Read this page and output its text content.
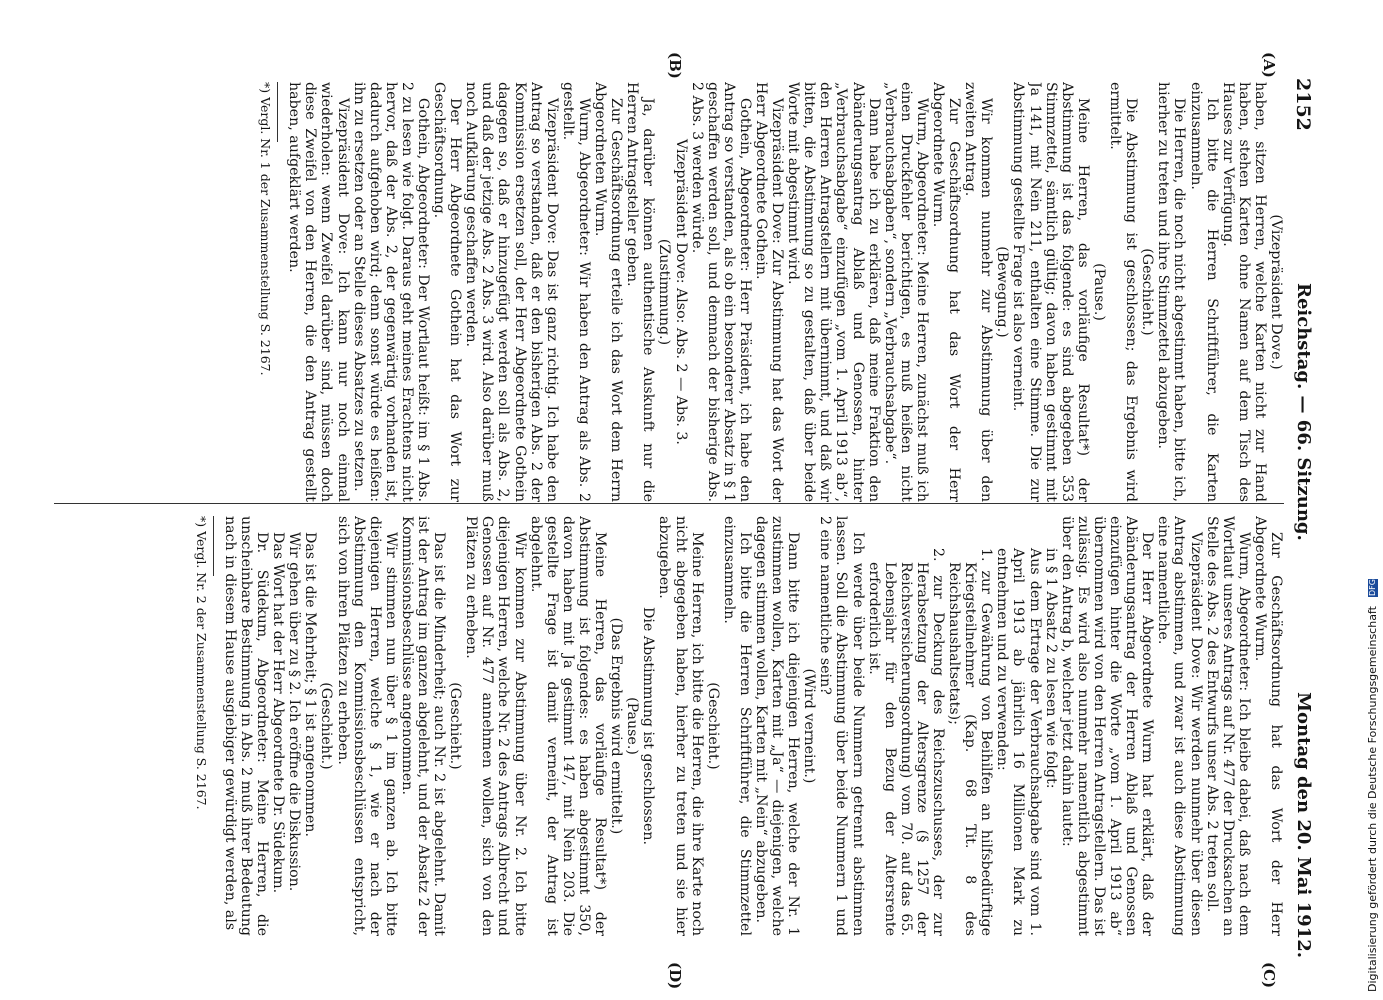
2152
Reichstag. — 66. Sitzung.
Montag den 20. Mai 1912.
(A)
(B)
(C)
(D)

(Vizepräsident Dove.)

haben, sitzen Herren, welche Karten nicht zur Hand haben, stehen Karten ohne Namen auf dem Tisch des Hauses zur Verfügung.

Ich bitte die Herren Schriftführer, die Karten einzusammeln.

Die Herren, die noch nicht abgestimmt haben, bitte ich, hierher zu treten und ihre Stimmzettel abzugeben.

(Geschieht.)

Die Abstimmung ist geschlossen; das Ergebnis wird ermittelt.

(Pause.)

Meine Herren, das vorläufige Resultat*) der Abstimmung ist das folgende: es sind abgegeben 353 Stimmzettel, sämtlich gültig; davon haben gestimmt mit Ja 141, mit Nein 211, enthalten eine Stimme. Die zur Abstimmung gestellte Frage ist also verneint.

(Bewegung.)

Wir kommen nunmehr zur Abstimmung über den zweiten Antrag.

Zur Geschäftsordnung hat das Wort der Herr Abgeordnete Wurm.

Wurm, Abgeordneter: Meine Herren, zunächst muß ich einen Druckfehler berichtigen, es muß heißen nicht „Verbrauchsabgaben“, sondern „Verbrauchsabgabe“.

Dann habe ich zu erklären, daß meine Fraktion den Abänderungsantrag Ablaß und Genossen, hinter „Verbrauchsabgabe“ einzufügen „vom 1. April 1913 ab“, den Herren Antragstellern mit übernimmt, und daß wir bitten, die Abstimmung so zu gestalten, daß über beide Worte mit abgestimmt wird.

Vizepräsident Dove: Zur Abstimmung hat das Wort der Herr Abgeordnete Gothein.

Gothein, Abgeordneter: Herr Präsident, ich habe den Antrag so verstanden, als ob ein besonderer Absatz in § 1 geschaffen werden soll, und demnach der bisherige Abs. 2 Abs. 3 werden würde.

Vizepräsident Dove: Also: Abs. 2 — Abs. 3.

(Zustimmung.)

Ja, darüber können authentische Auskunft nur die Herren Antragsteller geben.

Zur Geschäftsordnung erteile ich das Wort dem Herrn Abgeordneten Wurm.

Wurm, Abgeordneter: Wir haben den Antrag als Abs. 2 gestellt.

Vizepräsident Dove: Das ist ganz richtig. Ich habe den Antrag so verstanden, daß er den bisherigen Abs. 2 der Kommission ersetzen soll, der Herr Abgeordnete Gothein dagegen so, daß er hinzugefügt werden soll als Abs. 2, und daß der jetzige Abs. 2 Abs. 3 wird. Also darüber muß noch Aufklärung geschaffen werden.

Der Herr Abgeordnete Gothein hat das Wort zur Geschäftsordnung.

Gothein, Abgeordneter: Der Wortlaut heißt: im § 1 Abs. 2 zu lesen wie folgt. Daraus geht meines Erachtens nicht hervor, daß der Abs. 2, der gegenwärtig vorhanden ist, dadurch aufgehoben wird; denn sonst würde es heißen: ihn zu ersetzen oder an Stelle dieses Absatzes zu setzen.

Vizepräsident Dove: Ich kann nur noch einmal wiederholen: wenn Zweifel darüber sind, müssen doch diese Zweifel von den Herren, die den Antrag gestellt haben, aufgeklärt werden.

*) Vergl. Nr. 1 der Zusammenstellung S. 2167.

Zur Geschäftsordnung hat das Wort der Herr Abgeordnete Wurm.

Wurm, Abgeordneter: Ich bleibe dabei, daß nach dem Wortlaut unseres Antrags auf Nr. 477 der Drucksachen an Stelle des Abs. 2 des Entwurfs unser Abs. 2 treten soll.

Vizepräsident Dove: Wir werden nunmehr über diesen Antrag abstimmen, und zwar ist auch diese Abstimmung eine namentliche.

Der Herr Abgeordnete Wurm hat erklärt, daß der Abänderungsantrag der Herren Ablaß und Genossen einzufügen hinter die Worte „vom 1. April 1913 ab“ übernommen wird von den Herren Antragstellern. Das ist zulässig. Es wird also nunmehr namentlich abgestimmt über den Antrag b, welcher jetzt dahin lautet:

in § 1 Absatz 2 zu lesen wie folgt:

Aus dem Ertrage der Verbrauchsabgabe sind vom 1. April 1913 ab jährlich 16 Millionen Mark zu entnehmen und zu verwenden:

1. zur Gewährung von Beihilfen an hilfsbedürftige Kriegsteilnehmer (Kap. 68 Tit. 8 des Reichshaushaltsetats);

2. zur Deckung des Reichszuschusses, der zur Herabsetzung der Altersgrenze (§ 1257 der Reichsversicherungsordnung) vom 70. auf das 65. Lebensjahr für den Bezug der Altersrente erforderlich ist.

Ich werde über beide Nummern getrennt abstimmen lassen. Soll die Abstimmung über beide Nummern 1 und 2 eine namentliche sein?

(Wird verneint.)

Dann bitte ich diejenigen Herren, welche der Nr. 1 zustimmen wollen, Karten mit „Ja“ — diejenigen, welche dagegen stimmen wollen, Karten mit „Nein“ abzugeben.

Ich bitte die Herren Schriftführer, die Stimmzettel einzusammeln.

(Geschieht.)

Meine Herren, ich bitte die Herren, die ihre Karte noch nicht abgegeben haben, hierher zu treten und sie hier abzugeben.

Die Abstimmung ist geschlossen.

(Pause.)

(Das Ergebnis wird ermittelt.)

Meine Herren, das vorläufige Resultat*) der Abstimmung ist folgendes: es haben abgestimmt 350, davon haben mit Ja gestimmt 147, mit Nein 203. Die gestellte Frage ist damit verneint, der Antrag ist abgelehnt.

Wir kommen zur Abstimmung über Nr. 2. Ich bitte diejenigen Herren, welche Nr. 2 des Antrags Albrecht und Genossen auf Nr. 477 annehmen wollen, sich von den Plätzen zu erheben.

(Geschieht.)

Das ist die Minderheit; auch Nr. 2 ist abgelehnt. Damit ist der Antrag im ganzen abgelehnt, und der Absatz 2 der Kommissionsbeschlüsse angenommen.

Wir stimmen nun über § 1 im ganzen ab. Ich bitte diejenigen Herren, welche § 1, wie er nach der Abstimmung den Kommissionsbeschlüssen entspricht, sich von ihren Plätzen zu erheben.

(Geschieht.)

Das ist die Mehrheit; § 1 ist angenommen.

Wir gehen über zu § 2. Ich eröffne die Diskussion.

Das Wort hat der Herr Abgeordnete Dr. Südekum.

Dr. Südekum, Abgeordneter: Meine Herren, die unscheinbare Bestimmung in Abs. 2 muß ihrer Bedeutung nach in diesem Hause ausgiebiger gewürdigt werden, als

*) Vergl. Nr. 2 der Zusammenstellung S. 2167.	Digitalisierung gefördert durch die Deutsche Forschungsgemeinschaft DFG
